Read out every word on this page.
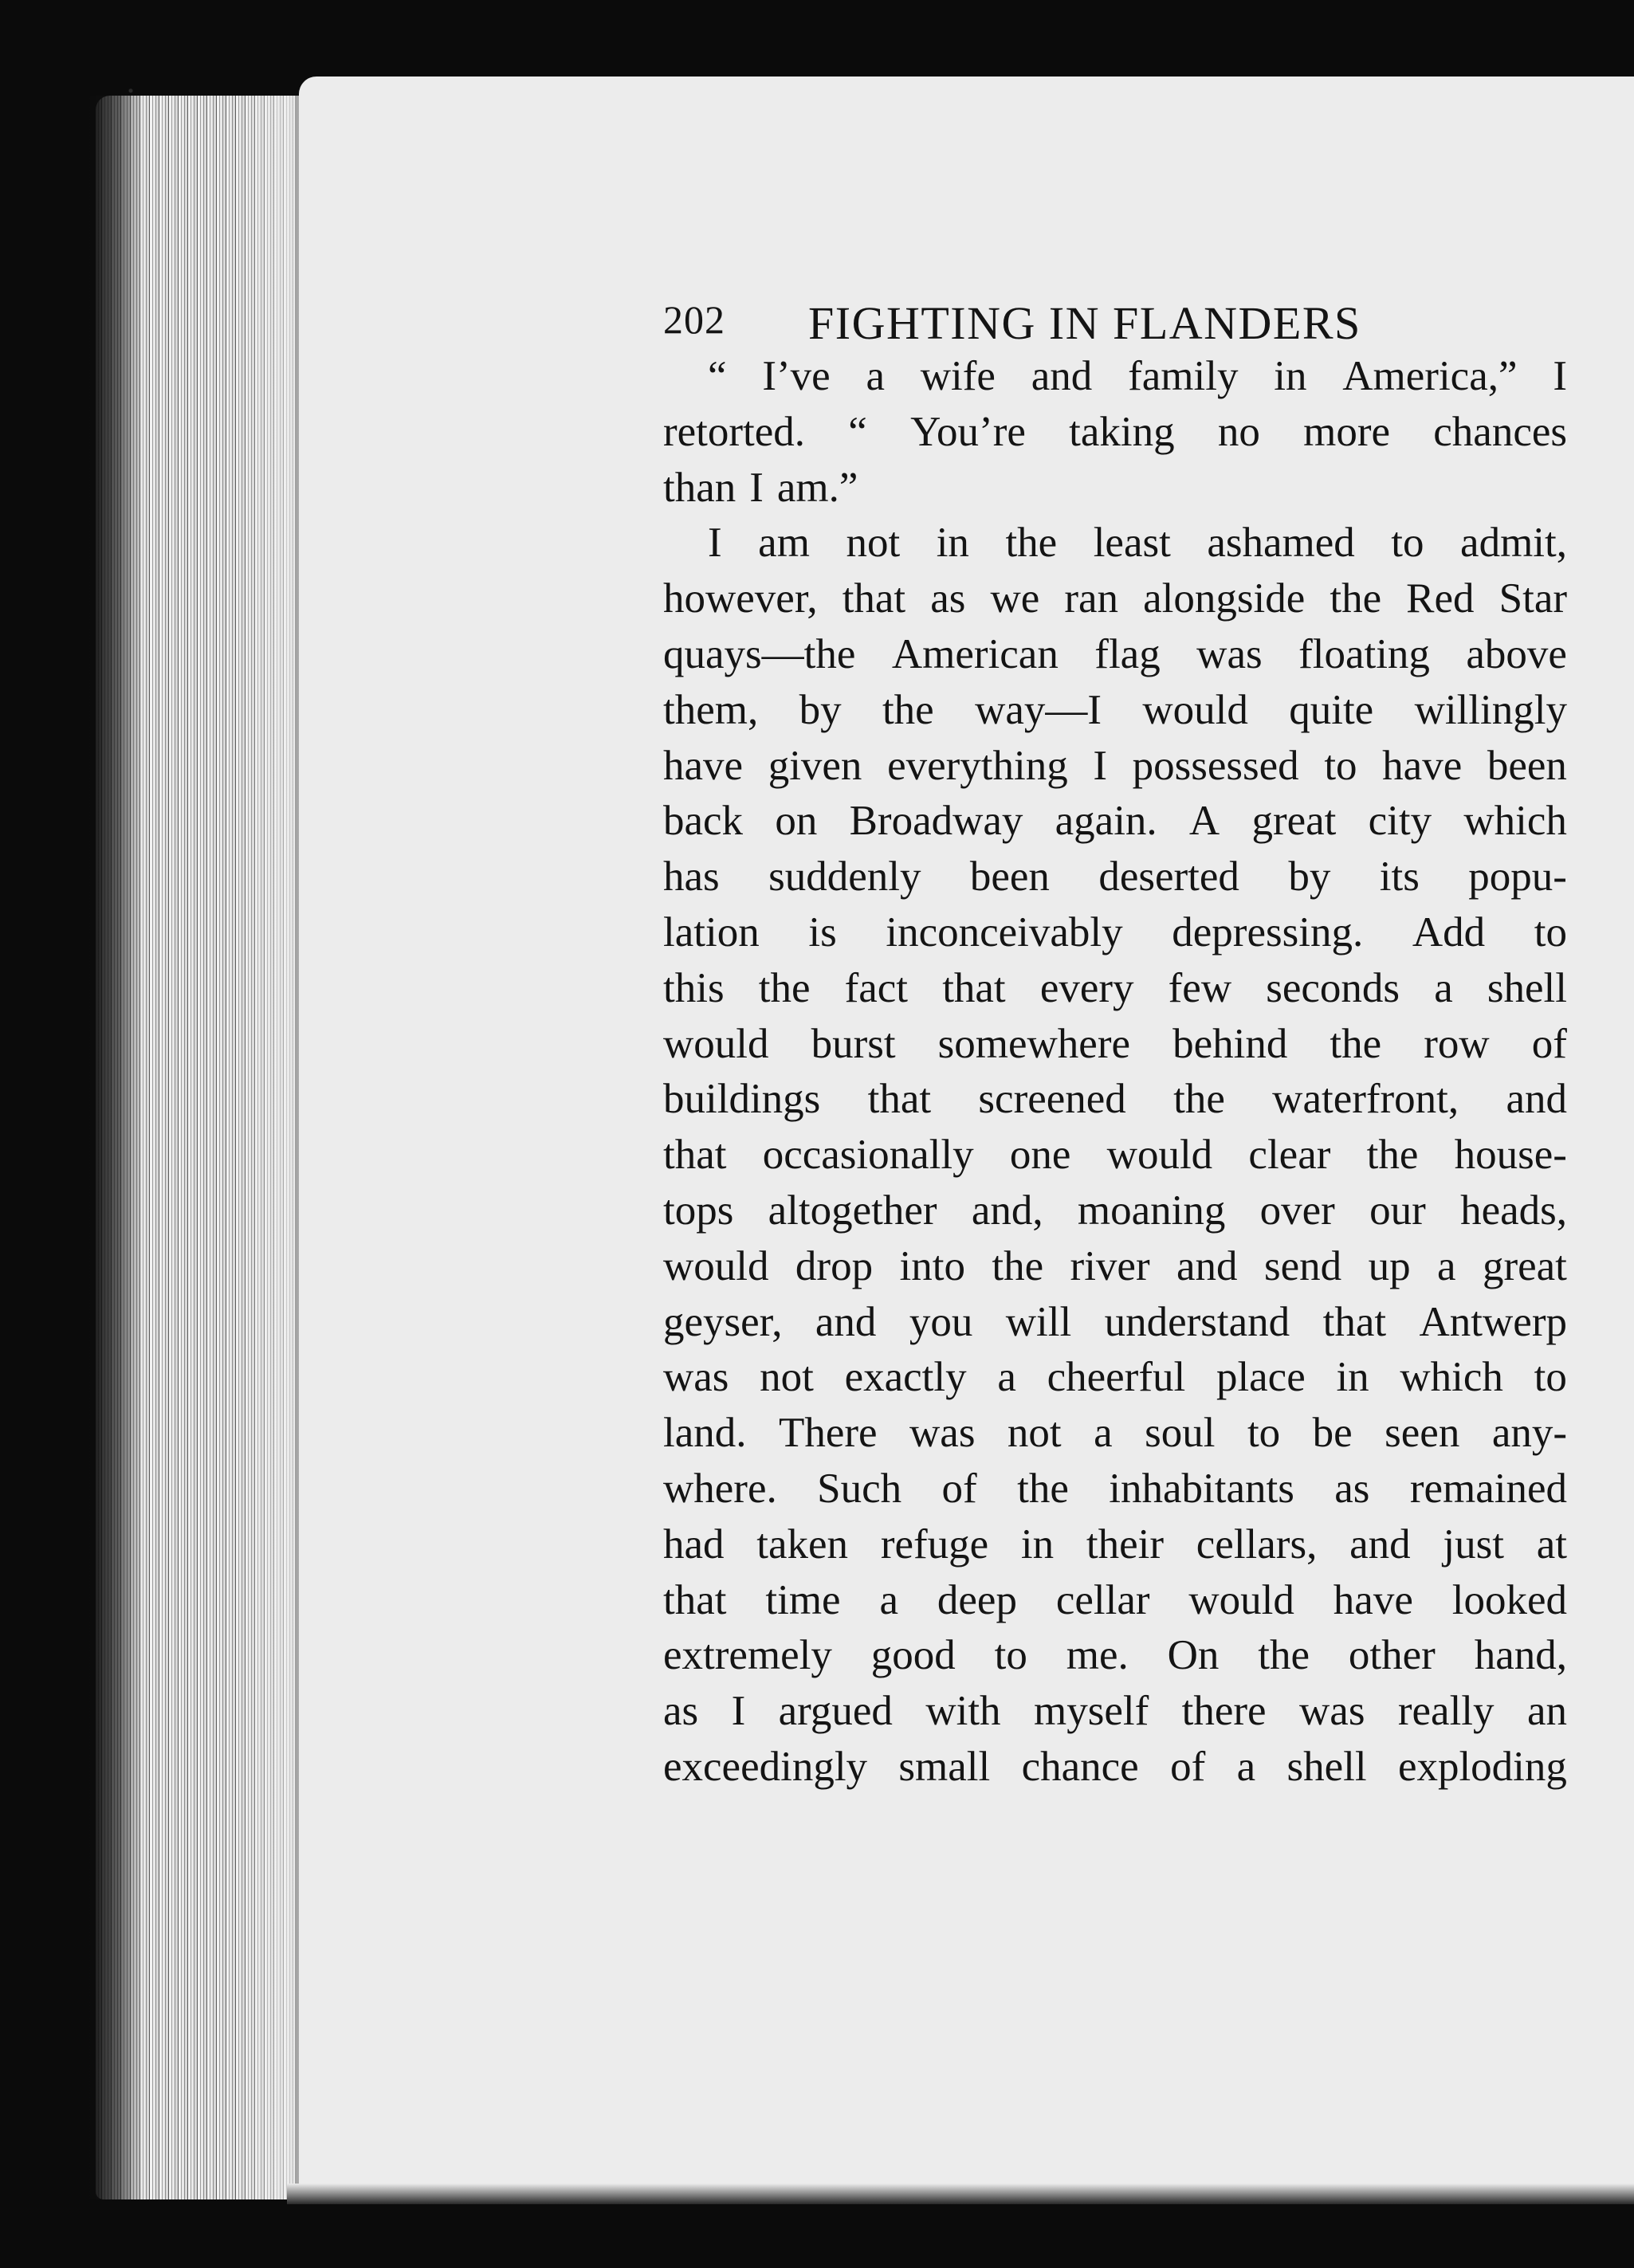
202 FIGHTING IN FLANDERS
“ I’ve a wife and family in America,” I
retorted. “ You’re taking no more chances
than I am.”
I am not in the least ashamed to admit,
however, that as we ran alongside the Red Star
quays—the American flag was floating above
them, by the way—I would quite willingly
have given everything I possessed to have been
back on Broadway again. A great city which
has suddenly been deserted by its popu-
lation is inconceivably depressing. Add to
this the fact that every few seconds a shell
would burst somewhere behind the row of
buildings that screened the waterfront, and
that occasionally one would clear the house-
tops altogether and, moaning over our heads,
would drop into the river and send up a great
geyser, and you will understand that Antwerp
was not exactly a cheerful place in which to
land. There was not a soul to be seen any-
where. Such of the inhabitants as remained
had taken refuge in their cellars, and just at
that time a deep cellar would have looked
extremely good to me. On the other hand,
as I argued with myself there was really an
exceedingly small chance of a shell exploding
